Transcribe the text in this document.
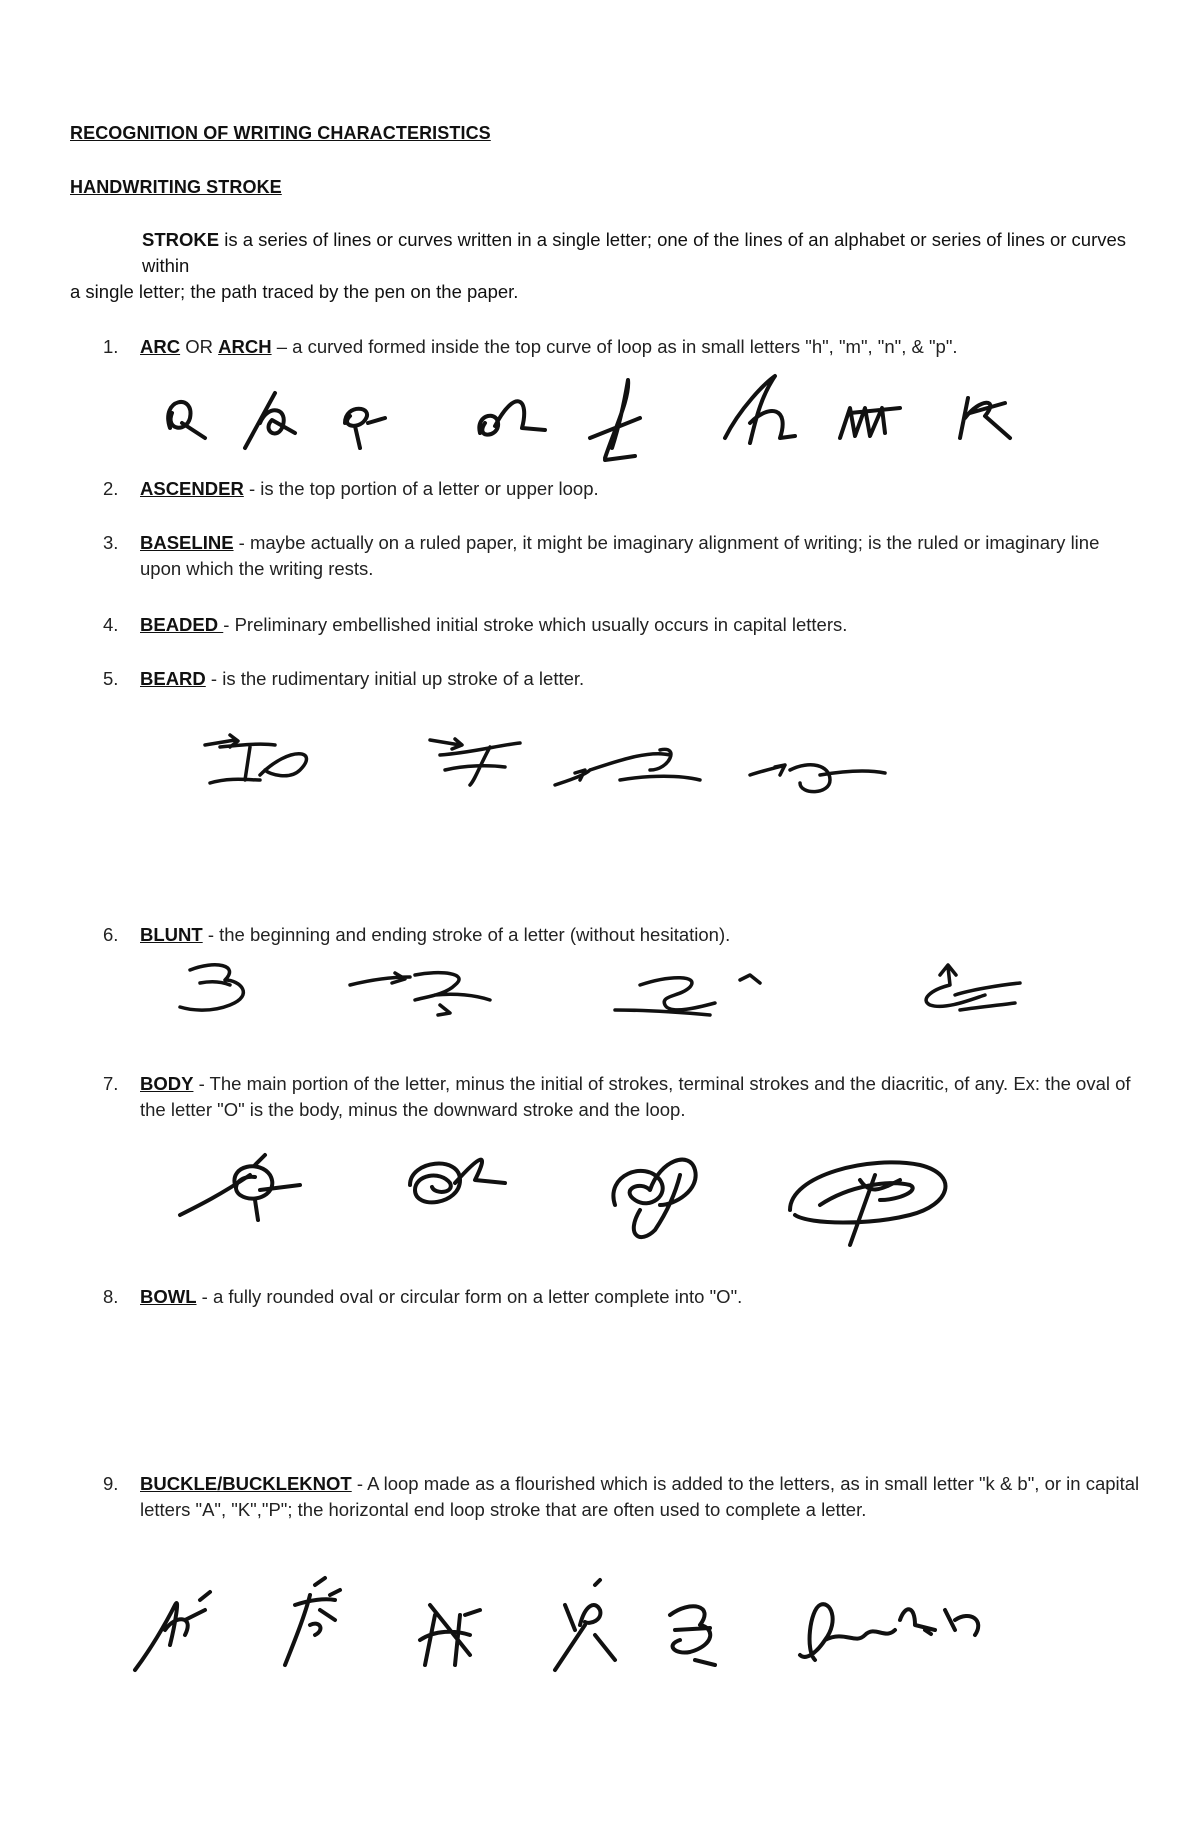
RECOGNITION OF WRITING CHARACTERISTICS
HANDWRITING STROKE
STROKE is a series of lines or curves written in a single letter; one of the lines of an alphabet or series of lines or curves within
a single letter; the path traced by the pen on the paper.
1. ARC OR ARCH – a curved formed inside the top curve of loop as in small letters "h", "m", "n", & "p".
2. ASCENDER - is the top portion of a letter or upper loop.
3. BASELINE - maybe actually on a ruled paper, it might be imaginary alignment of writing; is the ruled or imaginary line upon which the writing rests.
4. BEADED - Preliminary embellished initial stroke which usually occurs in capital letters.
5. BEARD - is the rudimentary initial up stroke of a letter.
6. BLUNT - the beginning and ending stroke of a letter (without hesitation).
7. BODY - The main portion of the letter, minus the initial of strokes, terminal strokes and the diacritic, of any. Ex: the oval of the letter "O" is the body, minus the downward stroke and the loop.
8. BOWL - a fully rounded oval or circular form on a letter complete into "O".
9. BUCKLE/BUCKLEKNOT - A loop made as a flourished which is added to the letters, as in small letter "k & b", or in capital letters "A", "K","P"; the horizontal end loop stroke that are often used to complete a letter.
